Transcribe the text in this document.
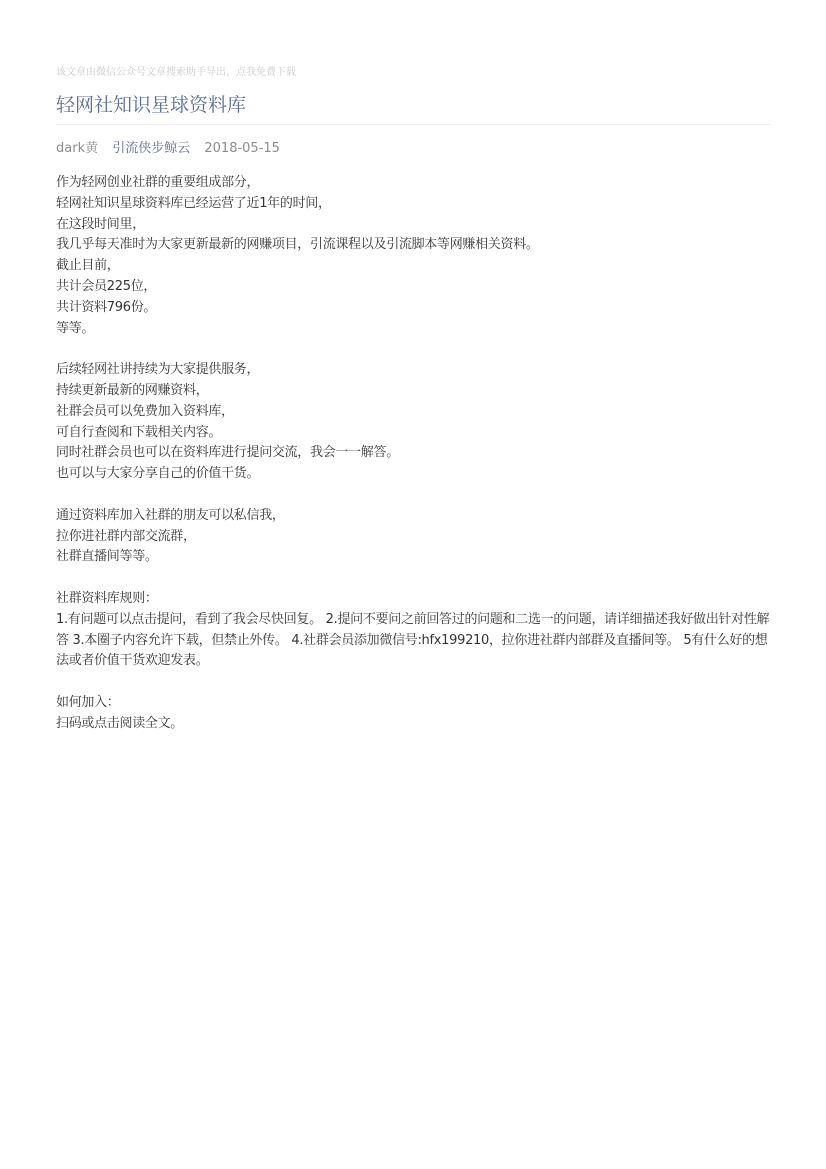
该文章由微信公众号文章搜索助手导出，点我免费下载
轻网社知识星球资料库
dark黄 引流侠步鲸云 2018-05-15
作为轻网创业社群的重要组成部分，
轻网社知识星球资料库已经运营了近1年的时间，
在这段时间里，
我几乎每天准时为大家更新最新的网赚项目，引流课程以及引流脚本等网赚相关资料。
截止目前，
共计会员225位，
共计资料796份。
等等。
后续轻网社讲持续为大家提供服务，
持续更新最新的网赚资料，
社群会员可以免费加入资料库，
可自行查阅和下载相关内容。
同时社群会员也可以在资料库进行提问交流，我会一一解答。
也可以与大家分享自己的价值干货。
通过资料库加入社群的朋友可以私信我，
拉你进社群内部交流群，
社群直播间等等。
社群资料库规则：
1.有问题可以点击提问，看到了我会尽快回复。 2.提问不要问之前回答过的问题和二选一的问题，请详细描述我好做出针对性解答 3.本圈子内容允许下载，但禁止外传。 4.社群会员添加微信号:hfx199210，拉你进社群内部群及直播间等。 5有什么好的想法或者价值干货欢迎发表。
如何加入：
扫码或点击阅读全文。
